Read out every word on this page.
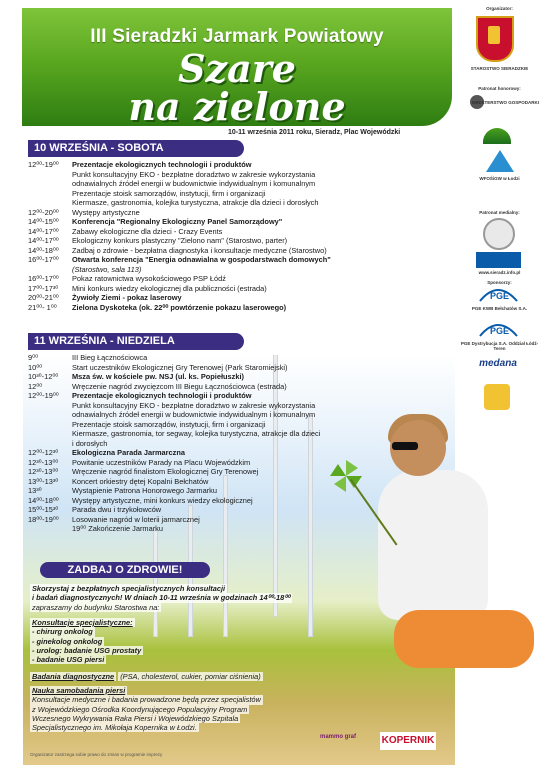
III Sieradzki Jarmark Powiatowy
Szare
na zielone
10-11 września 2011 roku, Sieradz, Plac Wojewódzki
10 WRZEŚNIA - SOBOTA
12⁰⁰-19⁰⁰	Prezentacje ekologicznych technologii i produktów
Punkt konsultacyjny EKO - bezpłatne doradztwo w zakresie wykorzystania
odnawialnych źródeł energii w budownictwie indywidualnym i komunalnym
Prezentacje stoisk samorządów, instytucji, firm i organizacji
Kiermasze, gastronomia, kolejka turystyczna, atrakcje dla dzieci i dorosłych
12⁰⁰-20⁰⁰	Występy artystyczne
14⁰⁰-15⁰⁰	Konferencja "Regionalny Ekologiczny Panel Samorządowy"
14⁰⁰-17⁰⁰	Zabawy ekologiczne dla dzieci - Crazy Events
14⁰⁰-17⁰⁰	Ekologiczny konkurs plastyczny "Zielono nam" (Starostwo, parter)
14⁰⁰-18⁰⁰	Zadbaj o zdrowie - bezpłatna diagnostyka i konsultacje medyczne (Starostwo)
16⁰⁰-17⁰⁰	Otwarta konferencja "Energia odnawialna w gospodarstwach domowych"
(Starostwo, sala 113)
16⁰⁰-17⁰⁰	Pokaz ratownictwa wysokościowego PSP Łódź
17⁰⁰-17³⁰	Mini konkurs wiedzy ekologicznej dla publiczności (estrada)
20⁰⁰-21⁰⁰	Żywioły Ziemi - pokaz laserowy
21⁰⁰- 1⁰⁰	Zielona Dyskoteka (ok. 22⁰⁰ powtórzenie pokazu laserowego)
11 WRZEŚNIA - NIEDZIELA
9⁰⁰	III Bieg Łącznościowca
10⁰⁰	Start uczestników Ekologicznej Gry Terenowej (Park Staromiejski)
10³⁰-12⁰⁰	Msza św. w kościele pw. NSJ (ul. ks. Popiełuszki)
12⁰⁰	Wręczenie nagród zwycięzcom III Biegu Łącznościowca (estrada)
12⁰⁰-19⁰⁰	Prezentacje ekologicznych technologii i produktów
Punkt konsultacyjny EKO - bezpłatne doradztwo w zakresie wykorzystania
odnawialnych źródeł energii w budownictwie indywidualnym i komunalnym
Prezentacje stoisk samorządów, instytucji, firm i organizacji
Kiermasze, gastronomia, tor segway, kolejka turystyczna, atrakcje dla dzieci
i dorosłych
12⁰⁰-12³⁰	Ekologiczna Parada Jarmarczna
12³⁰-13⁰⁰	Powitanie uczestników Parady na Placu Wojewódzkim
12³⁰-13⁰⁰	Wręczenie nagród finalistom Ekologicznej Gry Terenowej
13⁰⁰-13³⁰	Koncert orkiestry dętej Kopalni Bełchatów
13³⁰	Wystąpienie Patrona Honorowego Jarmarku
14⁰⁰-18⁰⁰	Występy artystyczne, mini konkurs wiedzy ekologicznej
15⁰⁰-15³⁰	Parada dwu i trzykołowców
18⁰⁰-19⁰⁰	Losowanie nagród w loterii jarmarcznej
19⁰⁰ Zakończenie Jarmarku
ZADBAJ O ZDROWIE!
Skorzystaj z bezpłatnych specjalistycznych konsultacji
i badań diagnostycznych! W dniach 10-11 września w godzinach 14⁰⁰-18⁰⁰
zapraszamy do budynku Starostwa na:
Konsultacje specjalistyczne:
- chirurg onkolog
- ginekolog onkolog
- urolog: badanie USG prostaty
- badanie USG piersi
Badania diagnostyczne (PSA, cholesterol, cukier, pomiar ciśnienia)
Nauka samobadania piersi
Konsultacje medyczne i badania prowadzone będą przez specjalistów
z Wojewódzkiego Ośrodka Koordynującego Populacyjny Program
Wczesnego Wykrywania Raka Piersi i Wojewódzkiego Szpitala
Specjalistycznego im. Mikołaja Kopernika w Łodzi.
Organizator zastrzega sobie prawo do zmian w programie imprezy
mammo graf	KOPERNIK
Organizator:
STAROSTWO SIERADZKIE
Patronat honorowy:
MINISTERSTWO GOSPODARKI
WFOŚiGW w Łodzi
Patronat medialny:
www.sieradz.info.pl
Sponsorzy:
PGE
PGE KWB Bełchatów S.A.
PGE
PGE Dystrybucja S.A. Oddział Łódź-Teren
medana
